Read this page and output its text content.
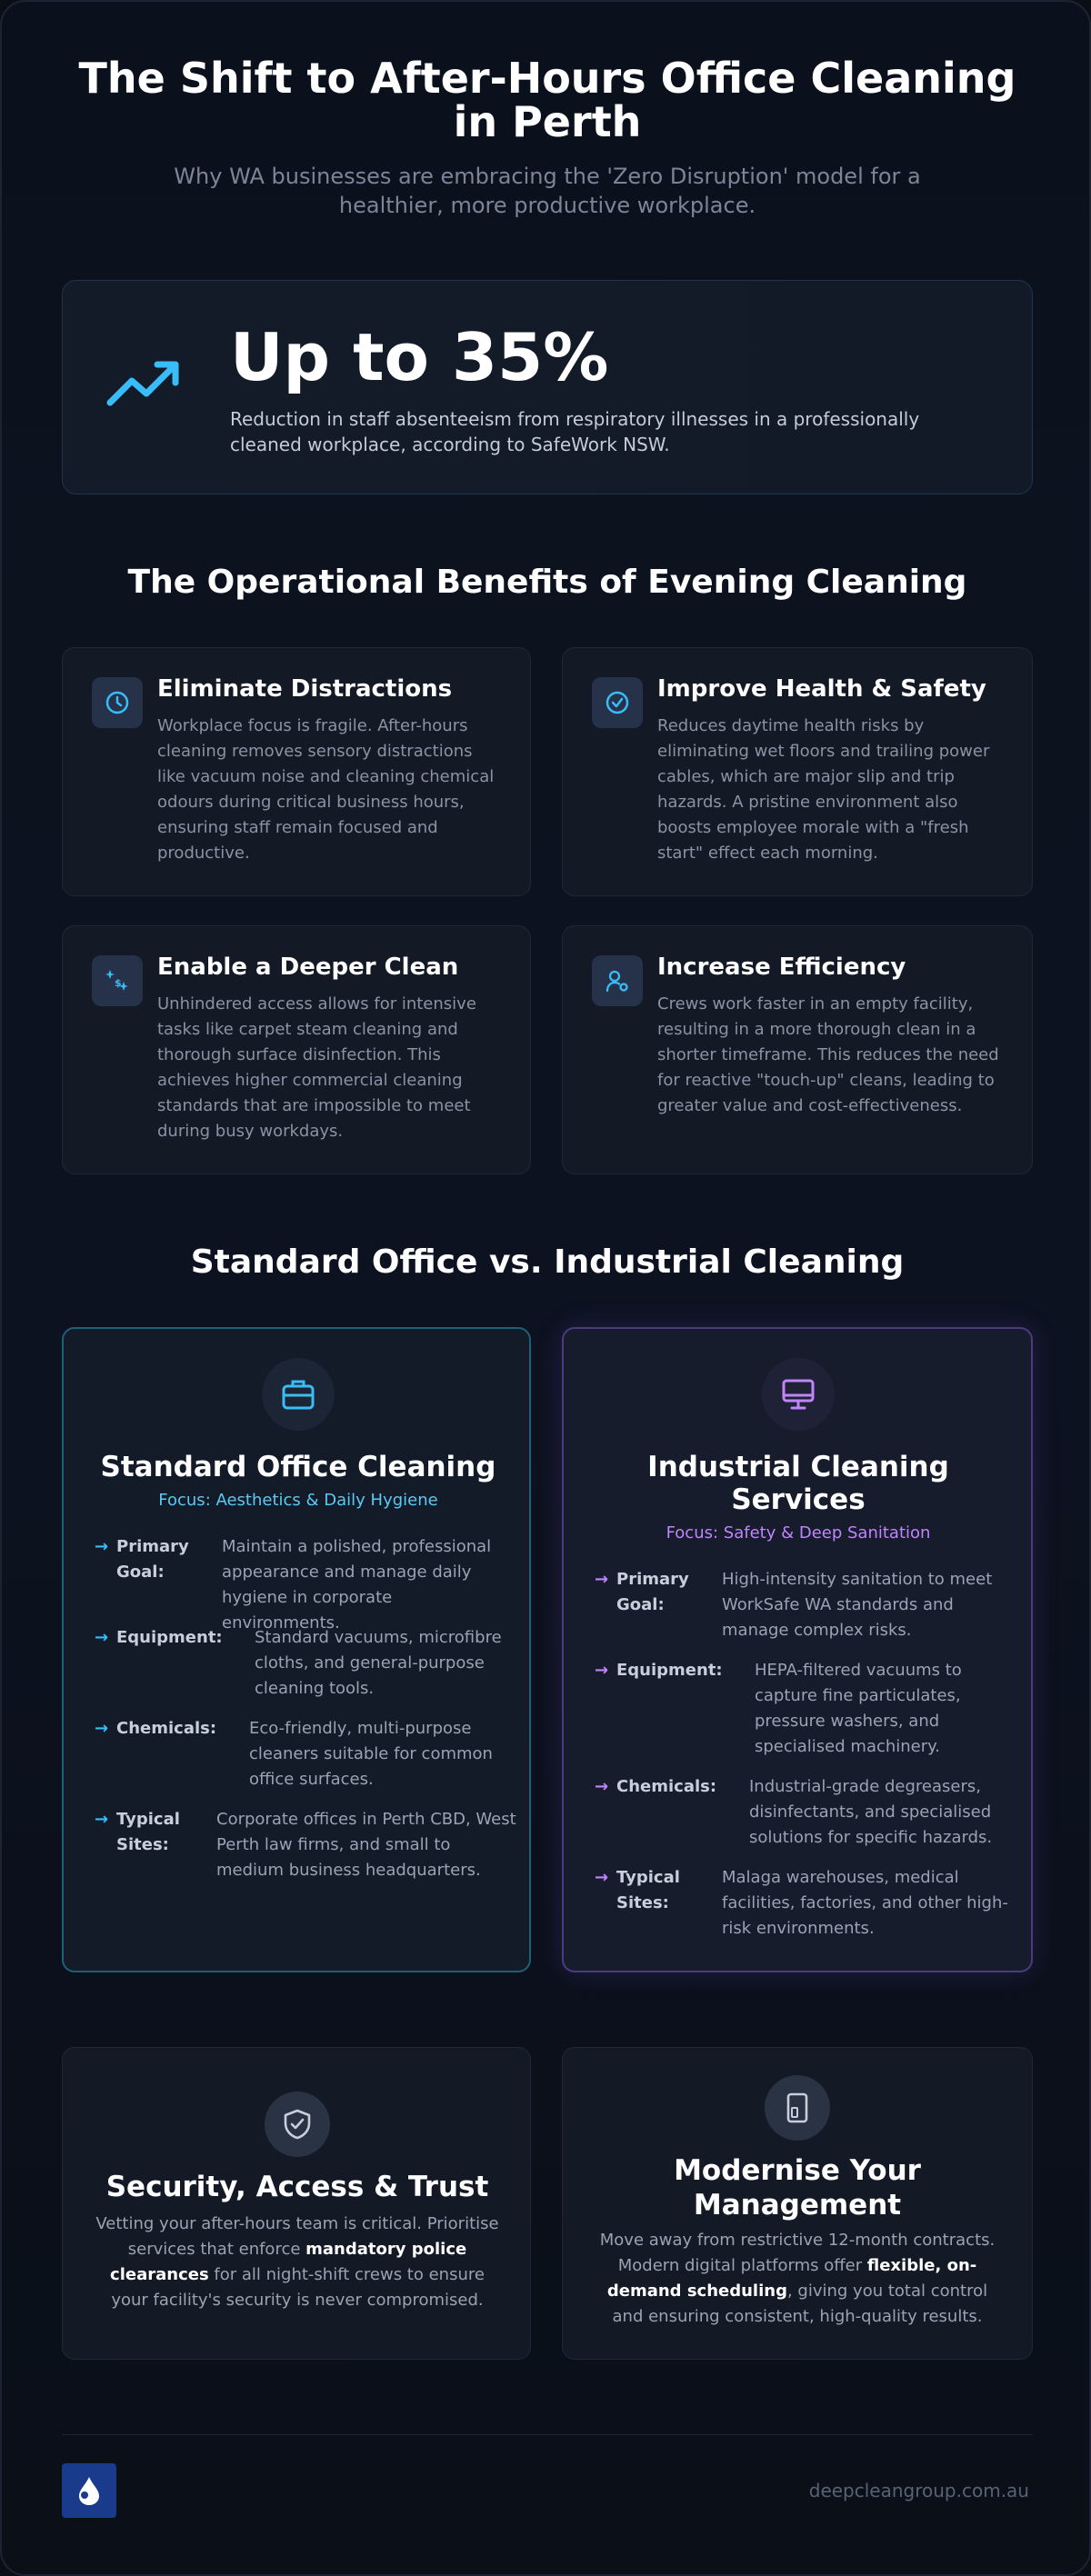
The Shift to After-Hours Office Cleaning in Perth
Why WA businesses are embracing the 'Zero Disruption' model for a healthier, more productive workplace.
Up to 35%
Reduction in staff absenteeism from respiratory illnesses in a professionally cleaned workplace, according to SafeWork NSW.
The Operational Benefits of Evening Cleaning
Eliminate Distractions
Workplace focus is fragile. After-hours cleaning removes sensory distractions like vacuum noise and cleaning chemical odours during critical business hours, ensuring staff remain focused and productive.
Improve Health & Safety
Reduces daytime health risks by eliminating wet floors and trailing power cables, which are major slip and trip hazards. A pristine environment also boosts employee morale with a "fresh start" effect each morning.
$
Enable a Deeper Clean
Unhindered access allows for intensive tasks like carpet steam cleaning and thorough surface disinfection. This achieves higher commercial cleaning standards that are impossible to meet during busy workdays.
Increase Efficiency
Crews work faster in an empty facility, resulting in a more thorough clean in a shorter timeframe. This reduces the need for reactive "touch-up" cleans, leading to greater value and cost-effectiveness.
Standard Office vs. Industrial Cleaning
Standard Office Cleaning
Focus: Aesthetics & Daily Hygiene
→ Primary
Goal:
Maintain a polished, professional appearance and manage daily hygiene in corporate environments.
→ Equipment: Standard vacuums, microfibre cloths, and general-purpose cleaning tools.
→ Chemicals: Eco-friendly, multi-purpose cleaners suitable for common office surfaces.
→ Typical
Sites:
Corporate offices in Perth CBD, West Perth law firms, and small to medium business headquarters.
Industrial Cleaning Services
Focus: Safety & Deep Sanitation
→ Primary
Goal:
High-intensity sanitation to meet WorkSafe WA standards and manage complex risks.
→ Equipment: HEPA-filtered vacuums to capture fine particulates, pressure washers, and specialised machinery.
→ Chemicals: Industrial-grade degreasers, disinfectants, and specialised solutions for specific hazards.
→ Typical
Sites:
Malaga warehouses, medical facilities, factories, and other high-risk environments.
Security, Access & Trust
Vetting your after-hours team is critical. Prioritise services that enforce mandatory police clearances for all night-shift crews to ensure your facility's security is never compromised.
Modernise Your Management
Move away from restrictive 12-month contracts. Modern digital platforms offer flexible, on-demand scheduling, giving you total control and ensuring consistent, high-quality results.
deepcleangroup.com.au
